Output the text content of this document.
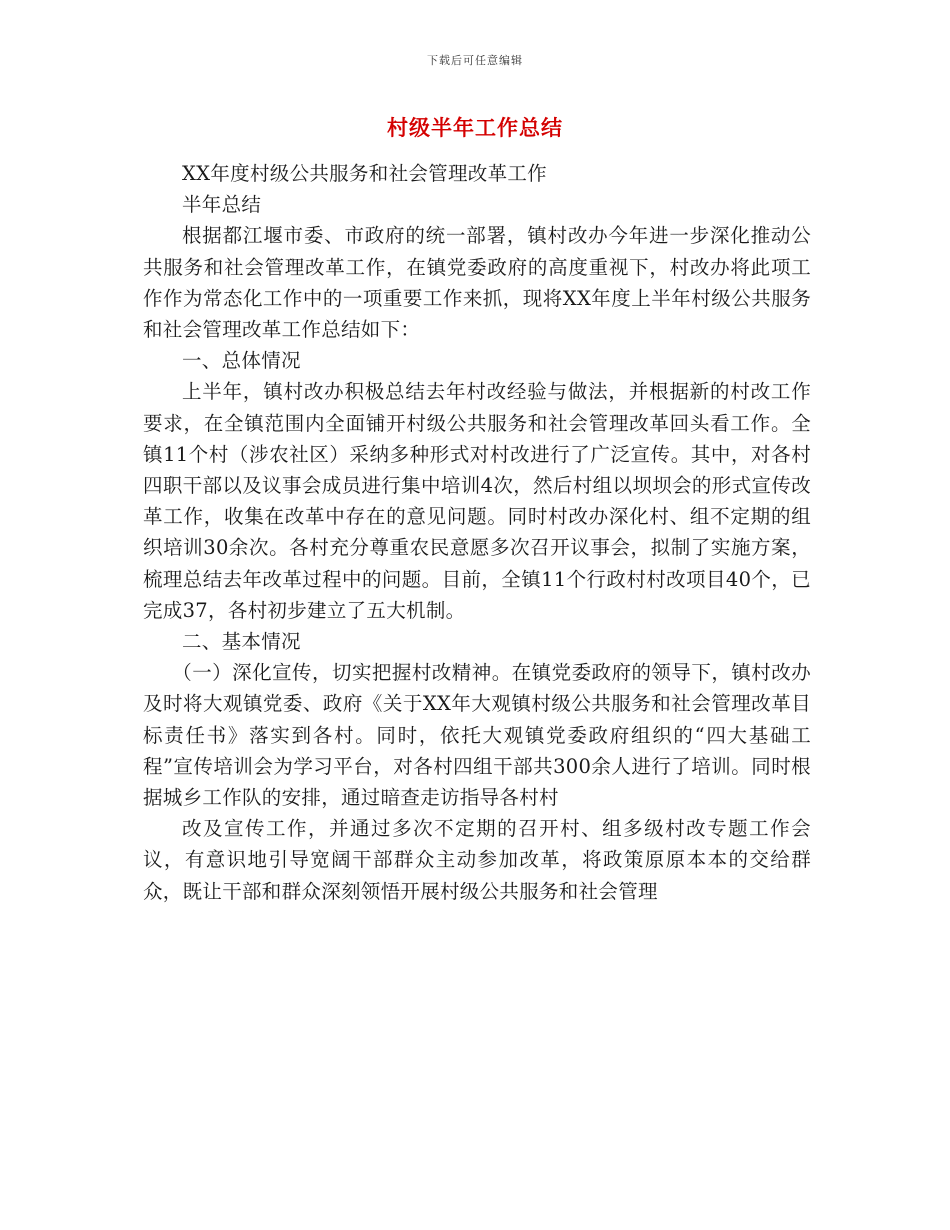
下载后可任意编辑
村级半年工作总结

XX年度村级公共服务和社会管理改革工作

半年总结

根据都江堰市委、市政府的统一部署，镇村改办今年进一步深化推动公共服务和社会管理改革工作，在镇党委政府的高度重视下，村改办将此项工作作为常态化工作中的一项重要工作来抓，现将XX年度上半年村级公共服务和社会管理改革工作总结如下：

一、总体情况

上半年，镇村改办积极总结去年村改经验与做法，并根据新的村改工作要求，在全镇范围内全面铺开村级公共服务和社会管理改革回头看工作。全镇11个村（涉农社区）采纳多种形式对村改进行了广泛宣传。其中，对各村四职干部以及议事会成员进行集中培训4次，然后村组以坝坝会的形式宣传改革工作，收集在改革中存在的意见问题。同时村改办深化村、组不定期的组织培训30余次。各村充分尊重农民意愿多次召开议事会，拟制了实施方案，梳理总结去年改革过程中的问题。目前，全镇11个行政村村改项目40个，已完成37，各村初步建立了五大机制。

二、基本情况

（一）深化宣传，切实把握村改精神。在镇党委政府的领导下，镇村改办及时将大观镇党委、政府《关于XX年大观镇村级公共服务和社会管理改革目标责任书》落实到各村。同时，依托大观镇党委政府组织的“四大基础工程”宣传培训会为学习平台，对各村四组干部共300余人进行了培训。同时根据城乡工作队的安排，通过暗查走访指导各村村

改及宣传工作，并通过多次不定期的召开村、组多级村改专题工作会议，有意识地引导宽阔干部群众主动参加改革，将政策原原本本的交给群众，既让干部和群众深刻领悟开展村级公共服务和社会管理
